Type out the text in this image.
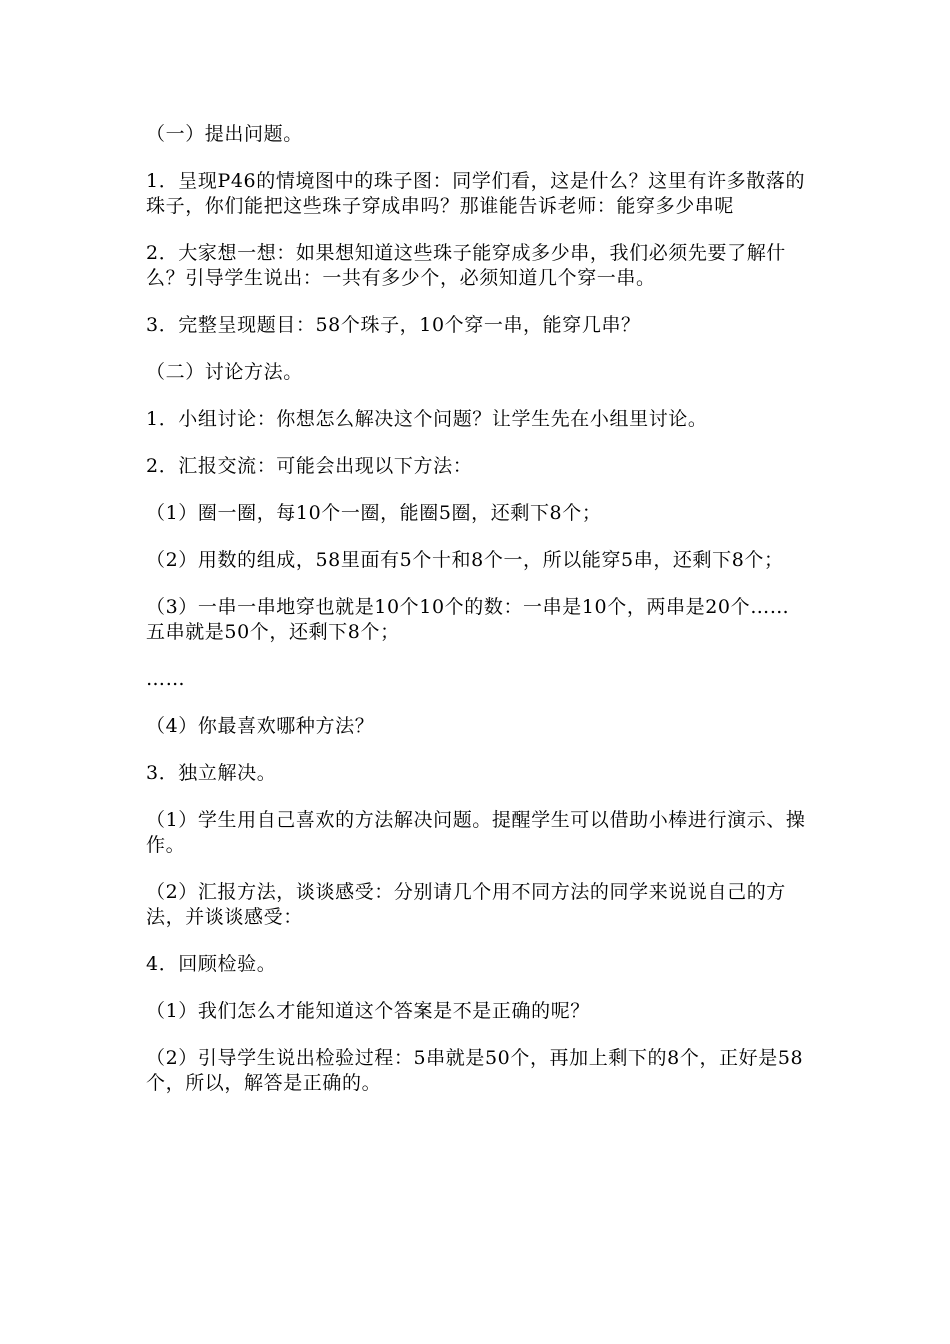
（一）提出问题。

1．呈现P46的情境图中的珠子图：同学们看，这是什么？这里有许多散落的珠子，你们能把这些珠子穿成串吗？那谁能告诉老师：能穿多少串呢

2．大家想一想：如果想知道这些珠子能穿成多少串，我们必须先要了解什么？引导学生说出：一共有多少个，必须知道几个穿一串。

3．完整呈现题目：58个珠子，10个穿一串，能穿几串？

（二）讨论方法。

1．小组讨论：你想怎么解决这个问题？让学生先在小组里讨论。

2．汇报交流：可能会出现以下方法：

（1）圈一圈，每10个一圈，能圈5圈，还剩下8个；

（2）用数的组成，58里面有5个十和8个一，所以能穿5串，还剩下8个；

（3）一串一串地穿也就是10个10个的数：一串是10个，两串是20个……五串就是50个，还剩下8个；

……

（4）你最喜欢哪种方法？

3．独立解决。

（1）学生用自己喜欢的方法解决问题。提醒学生可以借助小棒进行演示、操作。

（2）汇报方法，谈谈感受：分别请几个用不同方法的同学来说说自己的方法，并谈谈感受：

4．回顾检验。

（1）我们怎么才能知道这个答案是不是正确的呢？

（2）引导学生说出检验过程：5串就是50个，再加上剩下的8个，正好是58个，所以，解答是正确的。
